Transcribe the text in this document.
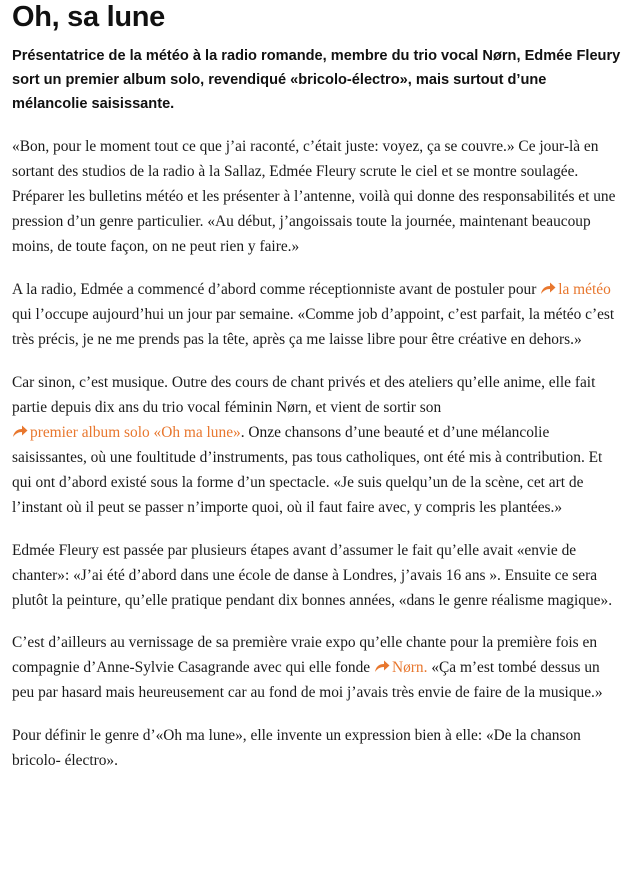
Oh, sa lune

Présentatrice de la météo à la radio romande, membre du trio vocal Nørn, Edmée Fleury sort un premier album solo, revendiqué «bricolo-électro», mais surtout d’une mélancolie saisissante.

«Bon, pour le moment tout ce que j’ai raconté, c’était juste: voyez, ça se couvre.» Ce jour-là en sortant des studios de la radio à la Sallaz, Edmée Fleury scrute le ciel et se montre soulagée. Préparer les bulletins météo et les présenter à l’antenne, voilà qui donne des responsabilités et une pression d’un genre particulier. «Au début, j’angoissais toute la journée, maintenant beaucoup moins, de toute façon, on ne peut rien y faire.»

A la radio, Edmée a commencé d’abord comme réceptionniste avant de postuler pour
la météo qui l’occupe aujourd’hui un jour par semaine. «Comme job d’appoint, c’est parfait, la météo c’est très précis, je ne me prends pas la tête, après ça me laisse libre pour être créative en dehors.»

Car sinon, c’est musique. Outre des cours de chant privés et des ateliers qu’elle anime, elle fait partie depuis dix ans du trio vocal féminin Nørn, et vient de sortir son
premier album solo «Oh ma lune». Onze chansons d’une beauté et d’une mélancolie saisissantes, où une foultitude d’instruments, pas tous catholiques, ont été mis à contribution. Et qui ont d’abord existé sous la forme d’un spectacle. «Je suis quelqu’un de la scène, cet art de l’instant où il peut se passer n’importe quoi, où il faut faire avec, y compris les plantées.»

Edmée Fleury est passée par plusieurs étapes avant d’assumer le fait qu’elle avait «envie de chanter»: «J’ai été d’abord dans une école de danse à Londres, j’avais 16 ans ». Ensuite ce sera plutôt la peinture, qu’elle pratique pendant dix bonnes années, «dans le genre réalisme magique».

C’est d’ailleurs au vernissage de sa première vraie expo qu’elle chante pour la première fois en compagnie d’Anne-Sylvie Casagrande avec qui elle fonde
Nørn. «Ça m’est tombé dessus un peu par hasard mais heureusement car au fond de moi j’avais très envie de faire de la musique.»

Pour définir le genre d’«Oh ma lune», elle invente un expression bien à elle: «De la chanson bricolo- électro».
